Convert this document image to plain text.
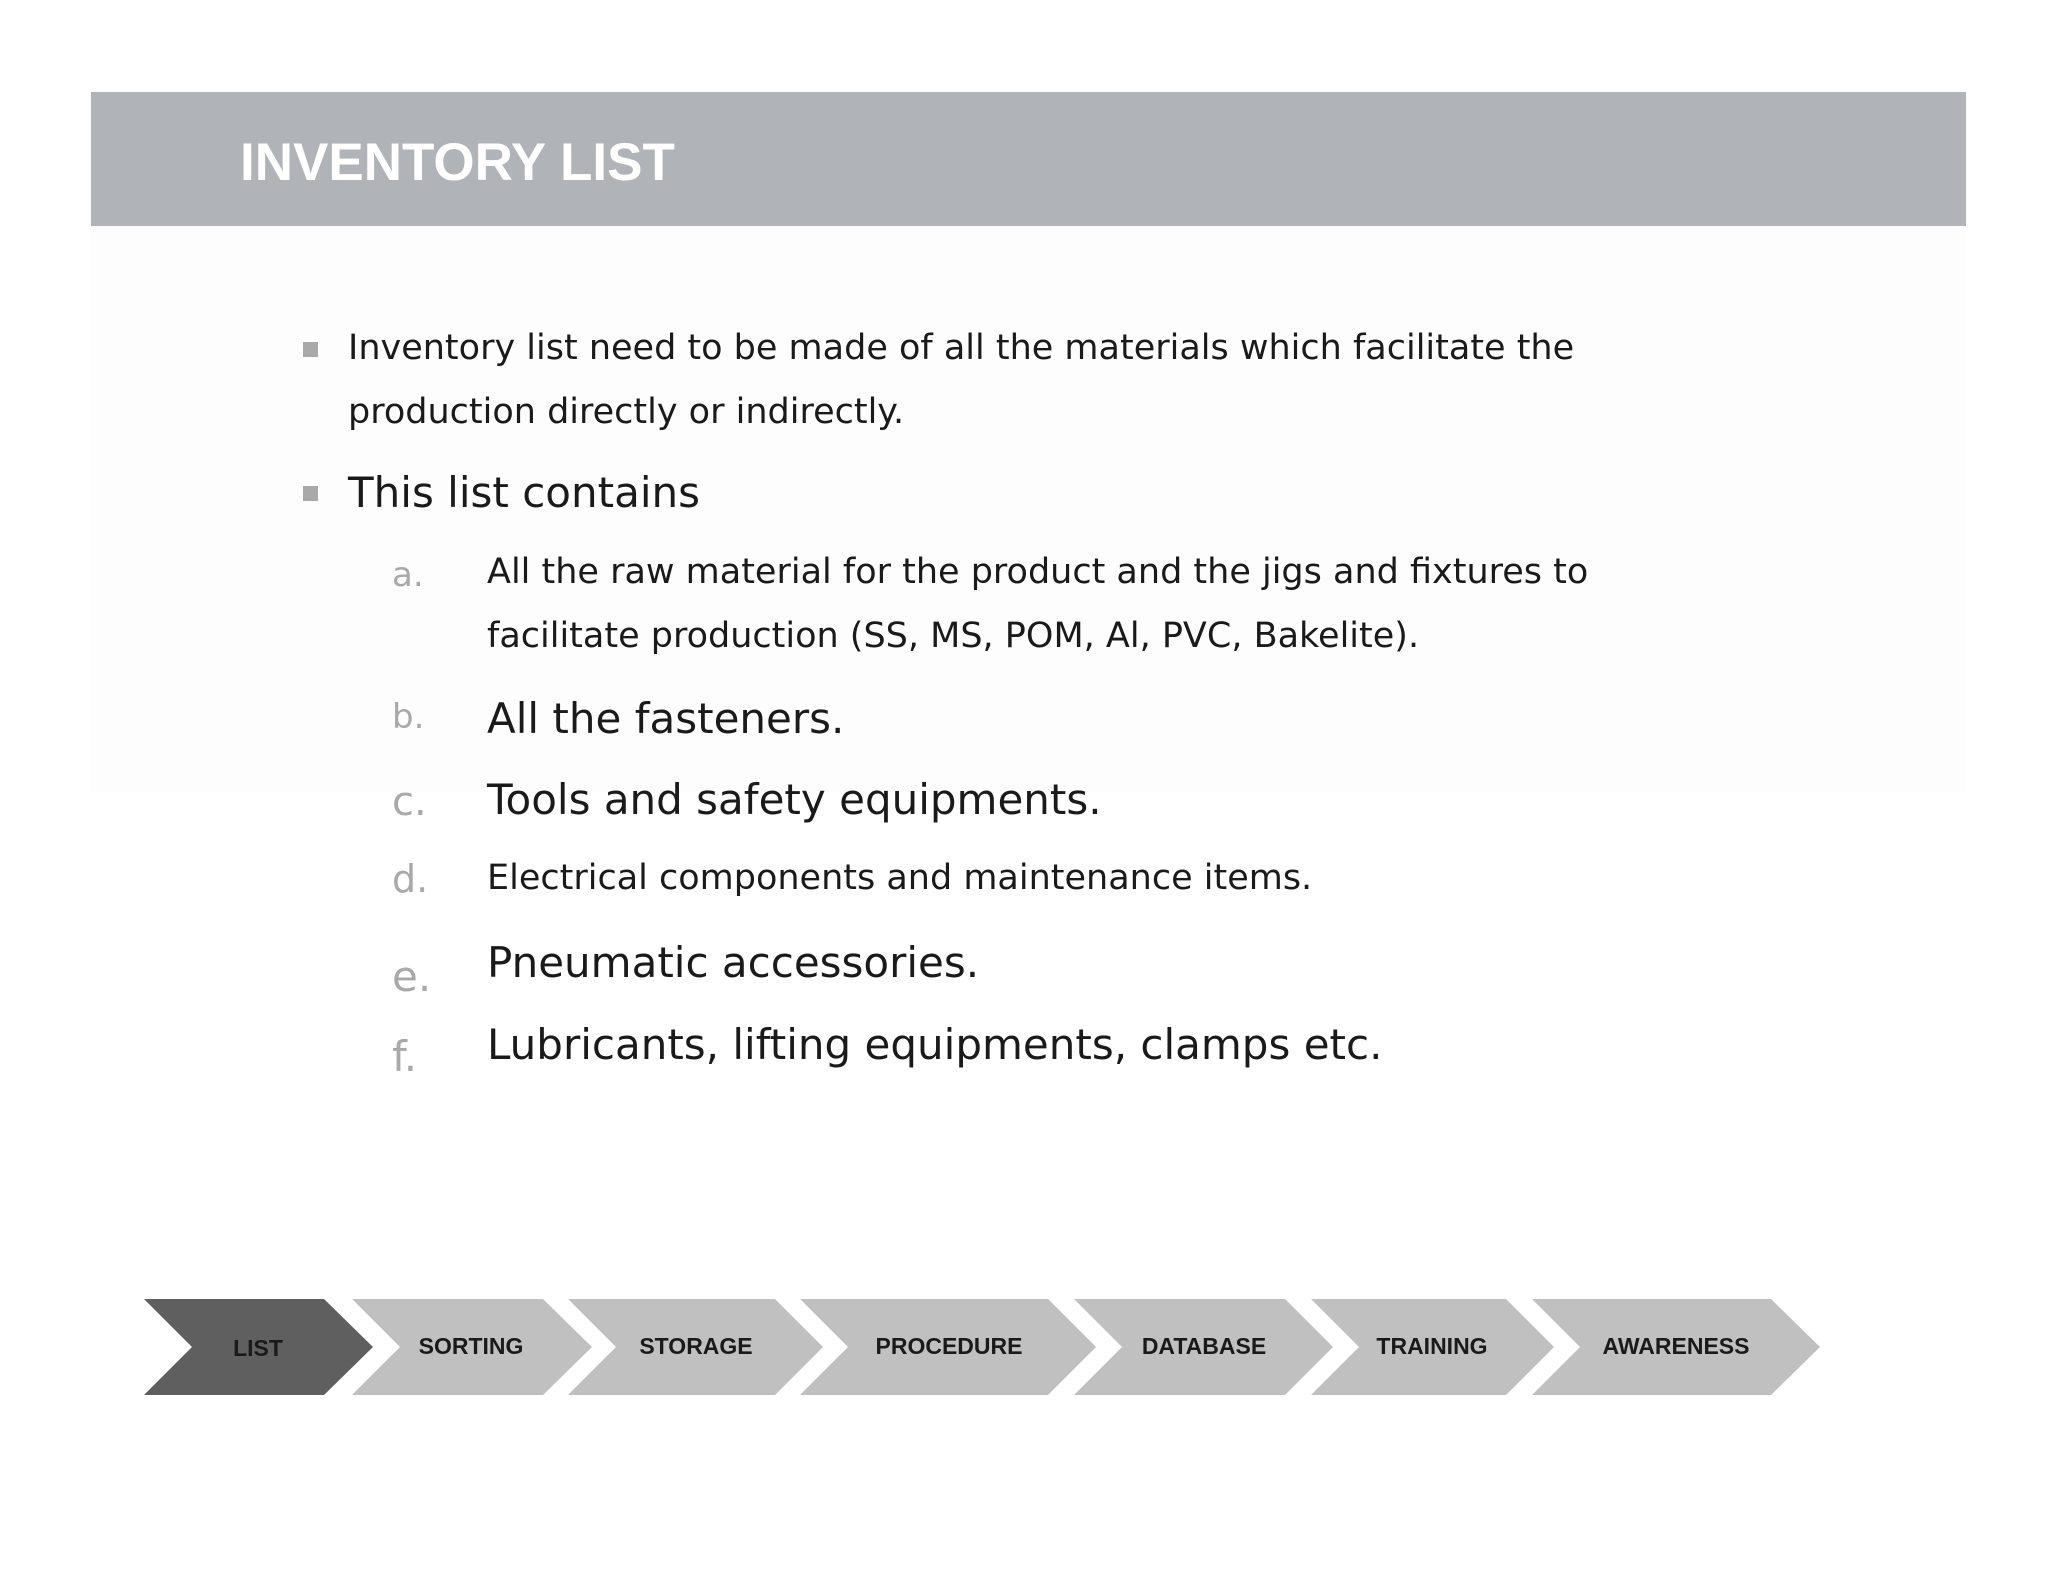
INVENTORY LIST

Inventory list need to be made of all the materials which facilitate the

production directly or indirectly.

This list contains

a. All the raw material for the product and the jigs and fixtures to

facilitate production (SS, MS, POM, Al, PVC, Bakelite).

b. All the fasteners.

c. Tools and safety equipments.

d. Electrical components and maintenance items.

e. Pneumatic accessories.

f. Lubricants, lifting equipments, clamps etc.

LIST	SORTING	STORAGE	PROCEDURE	DATABASE	TRAINING	AWARENESS
